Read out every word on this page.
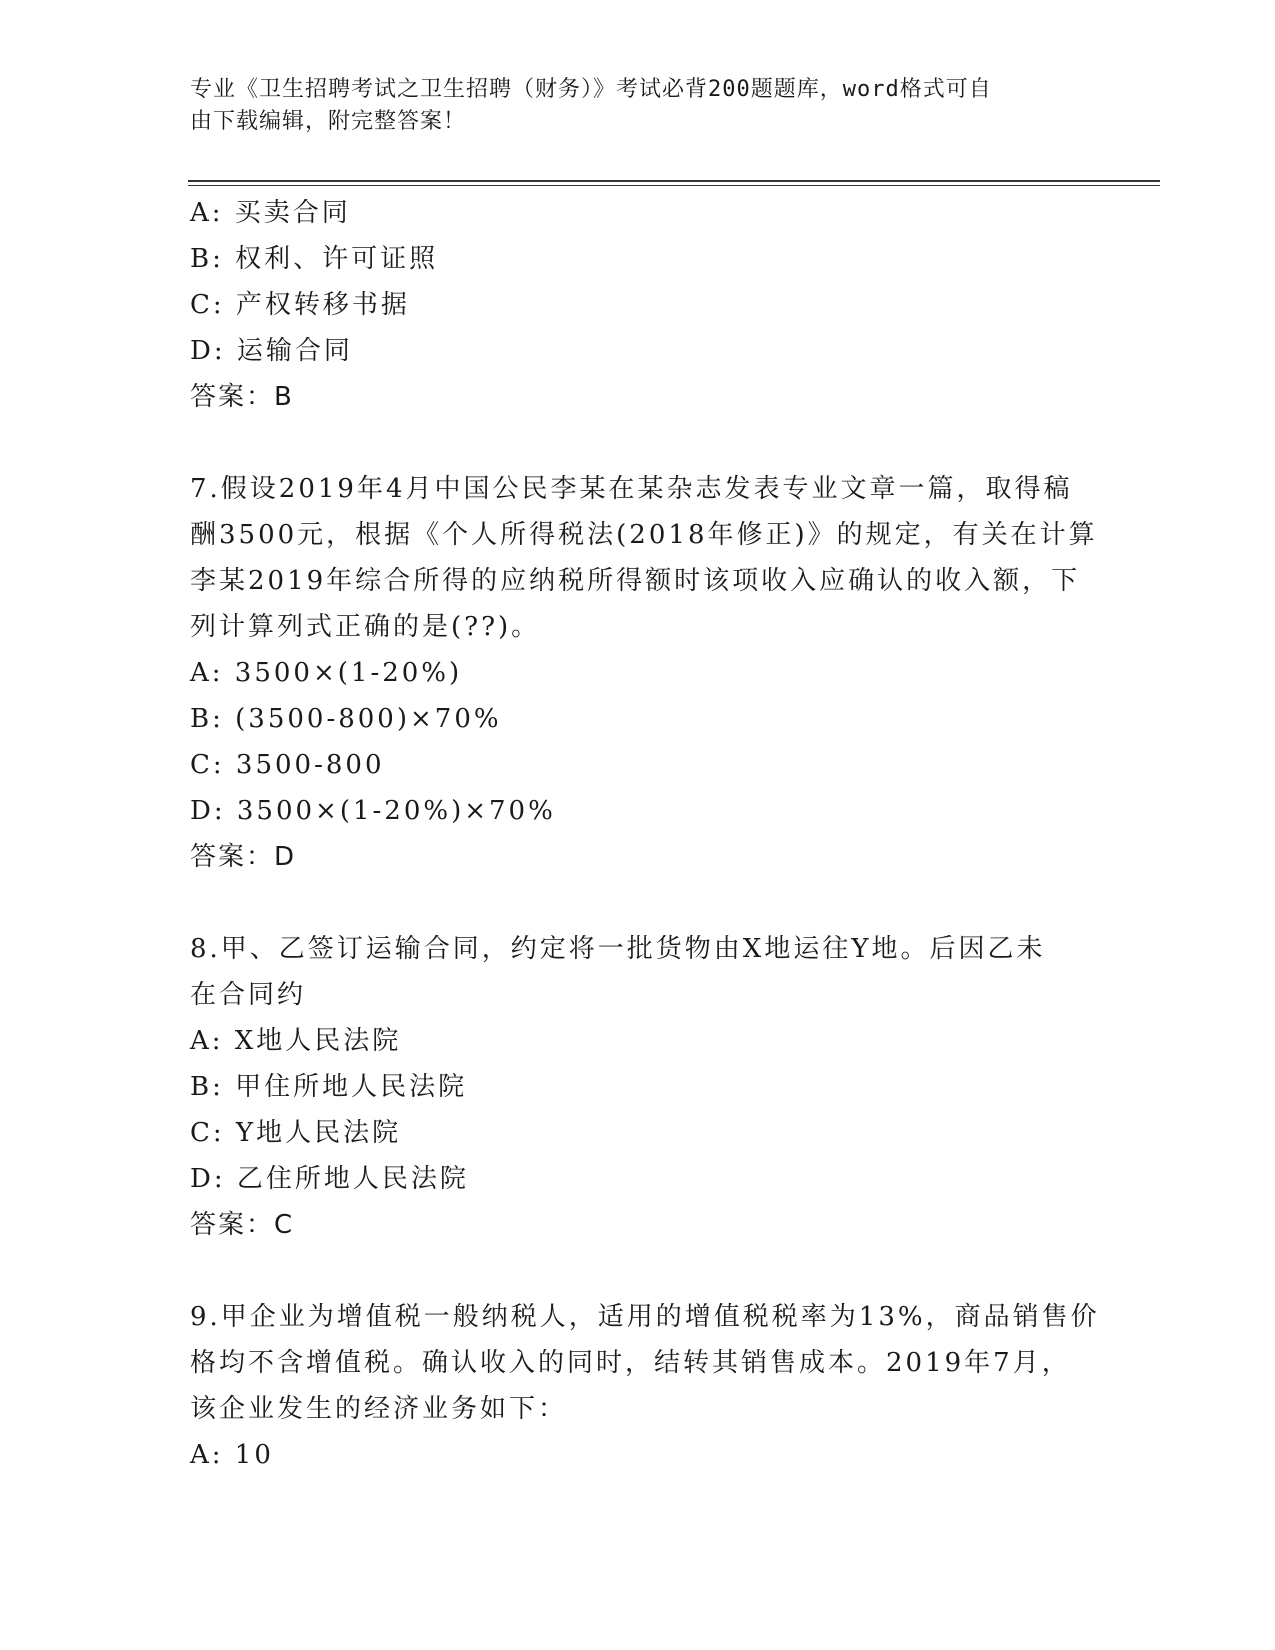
专业《卫生招聘考试之卫生招聘（财务）》考试必背200题题库，word格式可自
由下载编辑，附完整答案！
A: 买卖合同
B: 权利、许可证照
C: 产权转移书据
D: 运输合同
答案：B
7.假设2019年4月中国公民李某在某杂志发表专业文章一篇，取得稿
酬3500元，根据《个人所得税法(2018年修正)》的规定，有关在计算
李某2019年综合所得的应纳税所得额时该项收入应确认的收入额，下
列计算列式正确的是(??)。
A: 3500×(1-20%)
B: (3500-800)×70%
C: 3500-800
D: 3500×(1-20%)×70%
答案：D
8.甲、乙签订运输合同，约定将一批货物由X地运往Y地。后因乙未
在合同约
A: X地人民法院
B: 甲住所地人民法院
C: Y地人民法院
D: 乙住所地人民法院
答案：C
9.甲企业为增值税一般纳税人，适用的增值税税率为13%，商品销售价
格均不含增值税。确认收入的同时，结转其销售成本。2019年7月，
该企业发生的经济业务如下：
A: 10
